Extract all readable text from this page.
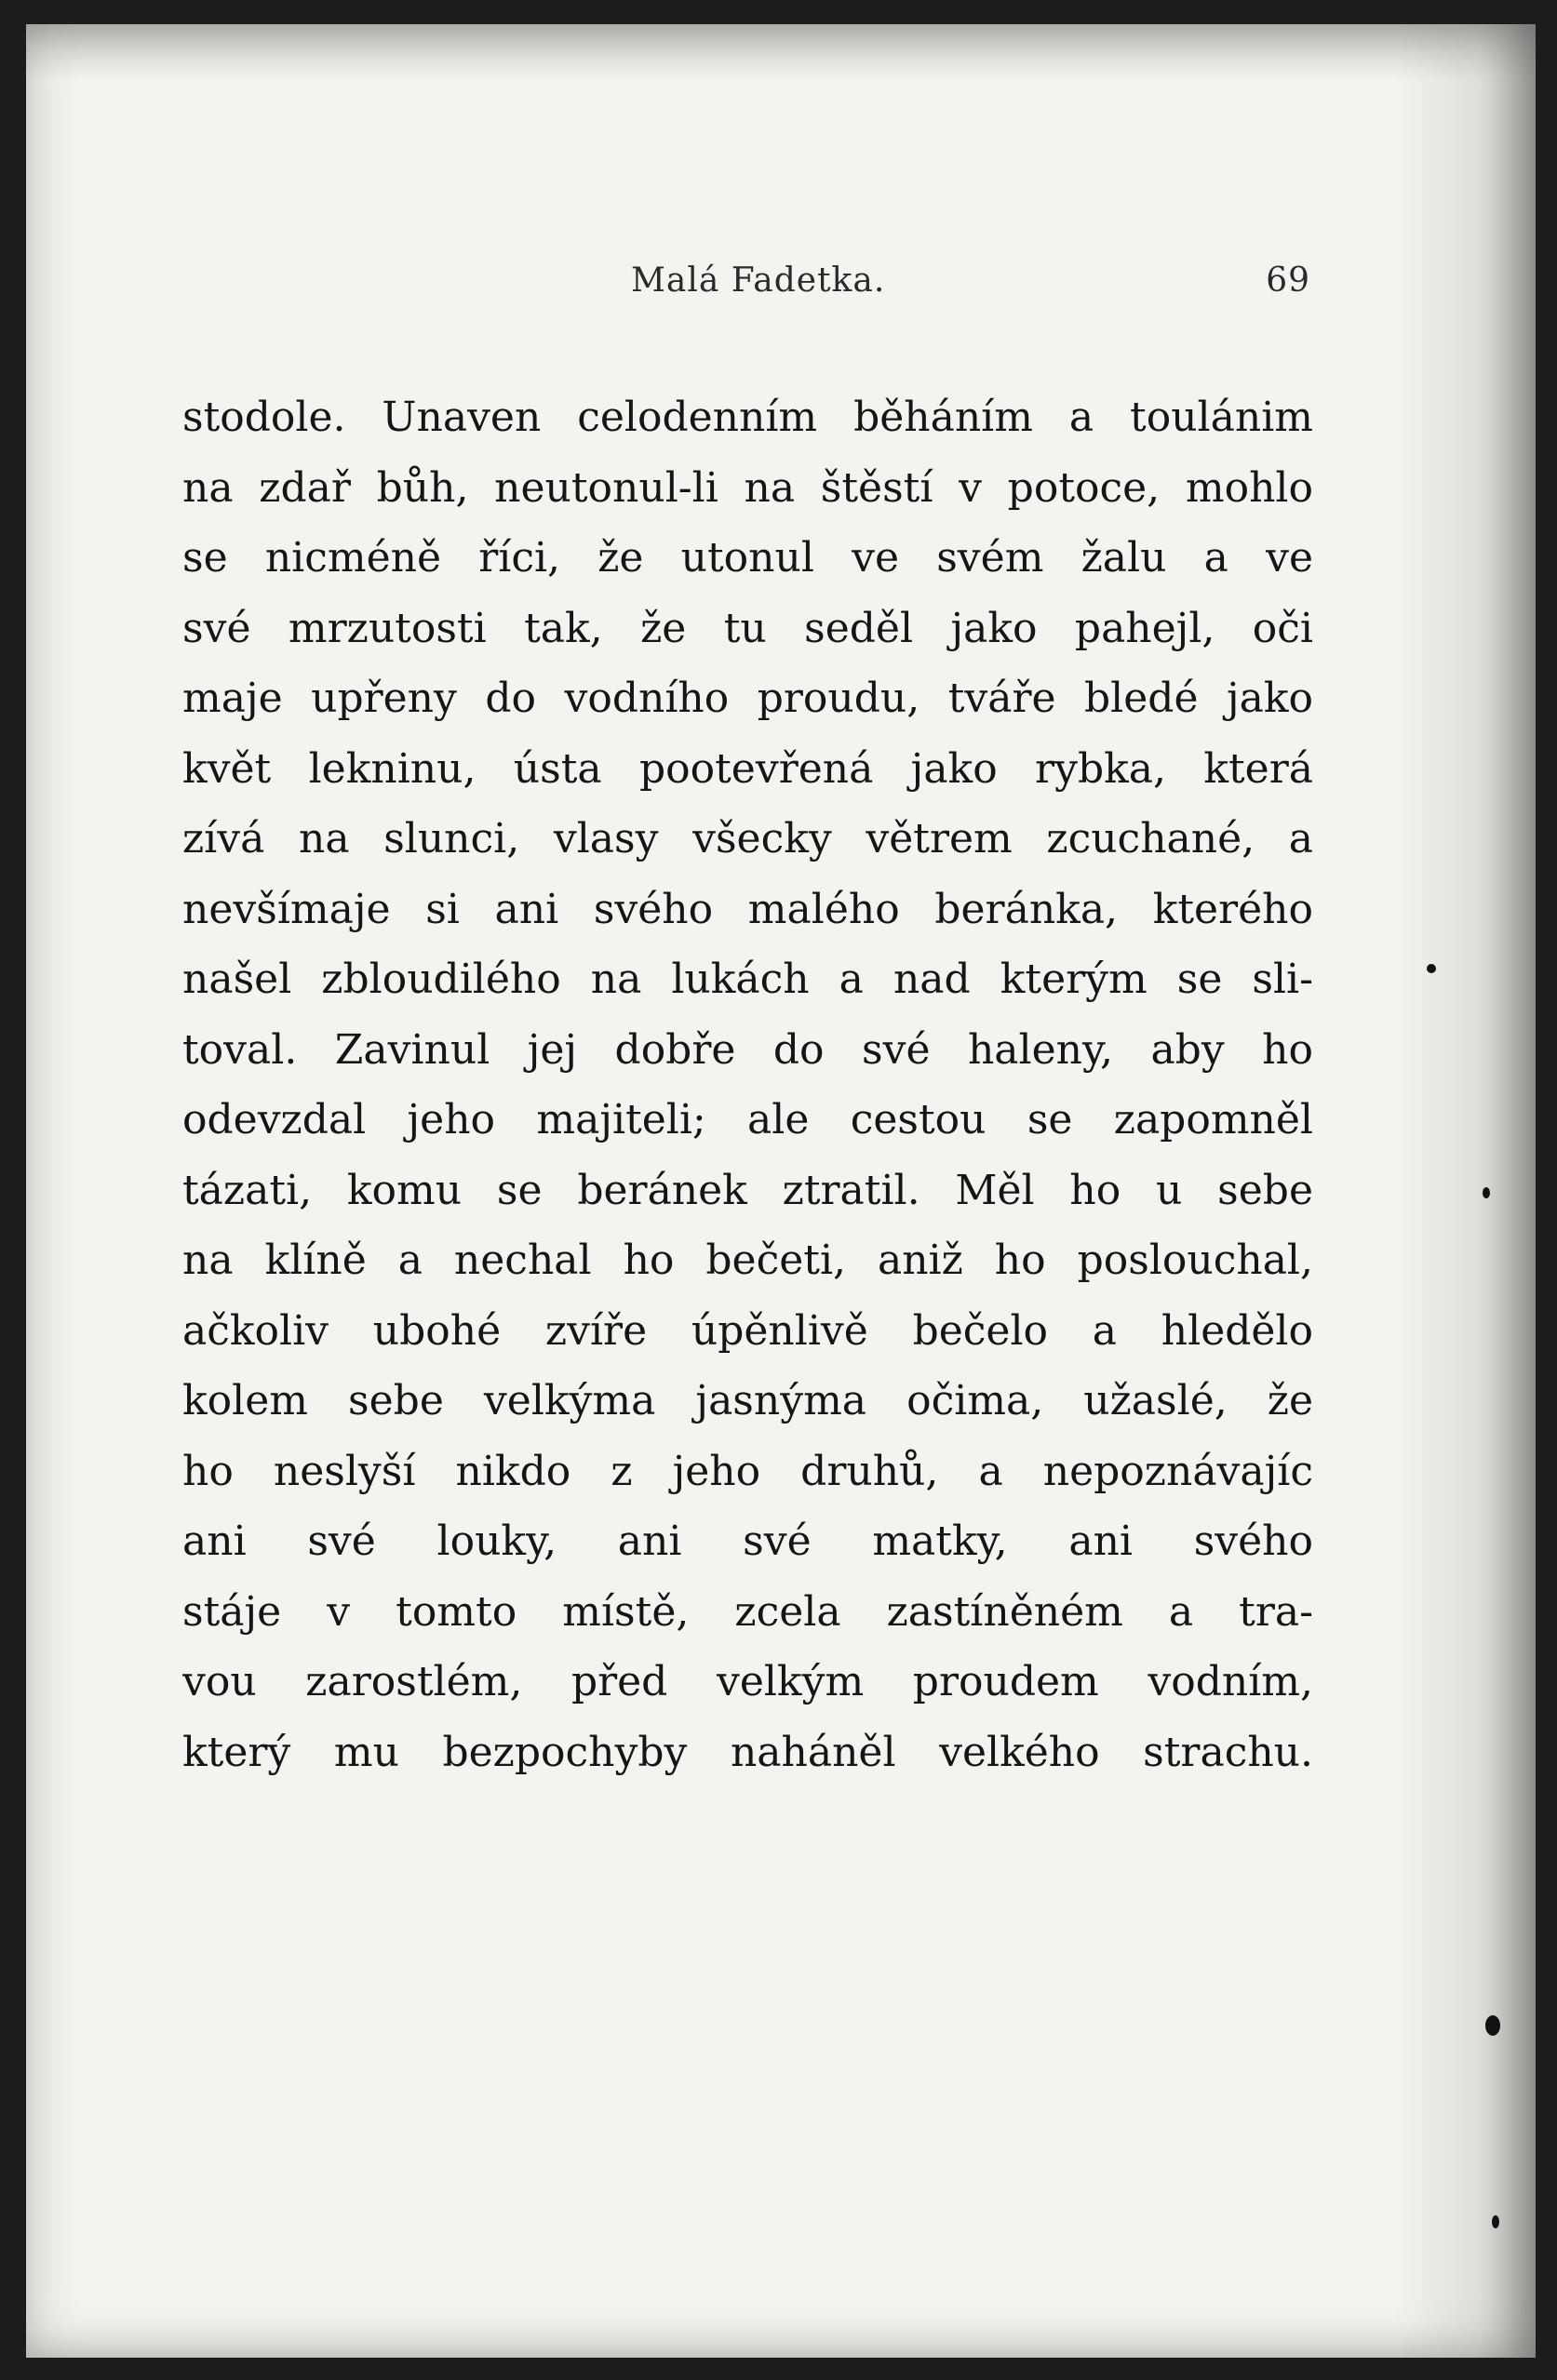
Malá Fadetka.	69
stodole. Unaven celodenním běháním a toulánim
na zdař bůh, neutonul-li na štěstí v potoce, mohlo
se nicméně říci, že utonul ve svém žalu a ve
své mrzutosti tak, že tu seděl jako pahejl, oči
maje upřeny do vodního proudu, tváře bledé jako
květ lekninu, ústa pootevřená jako rybka, která
zívá na slunci, vlasy všecky větrem zcuchané, a
nevšímaje si ani svého malého beránka, kterého
našel zbloudilého na lukách a nad kterým se sli-
toval. Zavinul jej dobře do své haleny, aby ho
odevzdal jeho majiteli; ale cestou se zapomněl
tázati, komu se beránek ztratil. Měl ho u sebe
na klíně a nechal ho bečeti, aniž ho poslouchal,
ačkoliv ubohé zvíře úpěnlivě bečelo a hledělo
kolem sebe velkýma jasnýma očima, užaslé, že
ho neslyší nikdo z jeho druhů, a nepoznávajíc
ani své louky, ani své matky, ani svého
stáje v tomto místě, zcela zastíněném a tra-
vou zarostlém, před velkým proudem vodním,
který mu bezpochyby naháněl velkého strachu.
